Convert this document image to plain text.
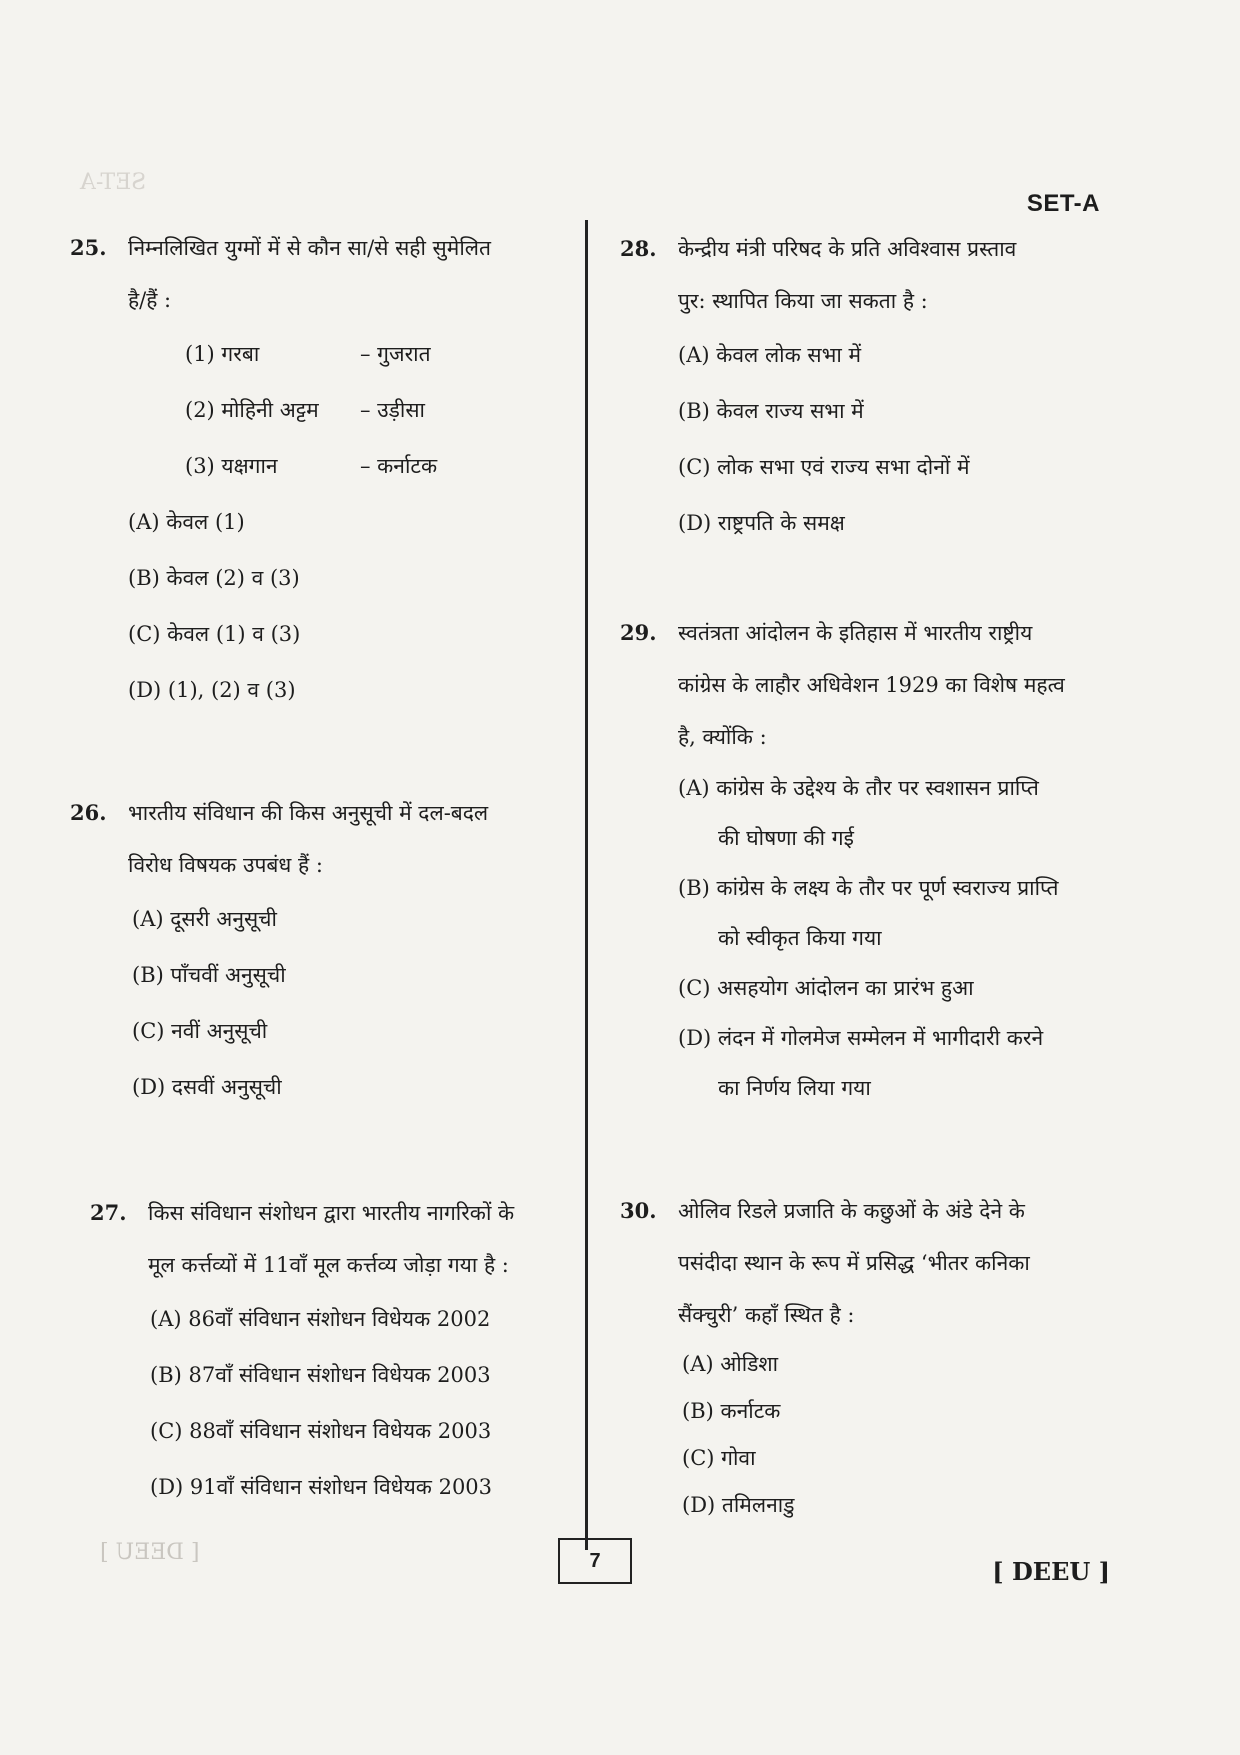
SET-A
SET-A
25.	निम्नलिखित युग्मों में से कौन सा/से सही सुमेलित
है/हैं :
(1) गरबा	– गुजरात
(2) मोहिनी अट्टम	– उड़ीसा
(3) यक्षगान	– कर्नाटक
(A) केवल (1)
(B) केवल (2) व (3)
(C) केवल (1) व (3)
(D) (1), (2) व (3)
26.	भारतीय संविधान की किस अनुसूची में दल-बदल
विरोध विषयक उपबंध हैं :
(A) दूसरी अनुसूची
(B) पाँचवीं अनुसूची
(C) नवीं अनुसूची
(D) दसवीं अनुसूची
27.	किस संविधान संशोधन द्वारा भारतीय नागरिकों के
मूल कर्त्तव्यों में 11वाँ मूल कर्त्तव्य जोड़ा गया है :
(A) 86वाँ संविधान संशोधन विधेयक 2002
(B) 87वाँ संविधान संशोधन विधेयक 2003
(C) 88वाँ संविधान संशोधन विधेयक 2003
(D) 91वाँ संविधान संशोधन विधेयक 2003
28.	केन्द्रीय मंत्री परिषद के प्रति अविश्वास प्रस्ताव
पुर: स्थापित किया जा सकता है :
(A) केवल लोक सभा में
(B) केवल राज्य सभा में
(C) लोक सभा एवं राज्य सभा दोनों में
(D) राष्ट्रपति के समक्ष
29.	स्वतंत्रता आंदोलन के इतिहास में भारतीय राष्ट्रीय
कांग्रेस के लाहौर अधिवेशन 1929 का विशेष महत्व
है, क्योंकि :
(A) कांग्रेस के उद्देश्य के तौर पर स्वशासन प्राप्ति
की घोषणा की गई
(B) कांग्रेस के लक्ष्य के तौर पर पूर्ण स्वराज्य प्राप्ति
को स्वीकृत किया गया
(C) असहयोग आंदोलन का प्रारंभ हुआ
(D) लंदन में गोलमेज सम्मेलन में भागीदारी करने
का निर्णय लिया गया
30.	ओलिव रिडले प्रजाति के कछुओं के अंडे देने के
पसंदीदा स्थान के रूप में प्रसिद्ध ‘भीतर कनिका
सैंक्चुरी’ कहाँ स्थित है :
(A) ओडिशा
(B) कर्नाटक
(C) गोवा
(D) तमिलनाडु
[ DEEU ]	7	[ DEEU ]
